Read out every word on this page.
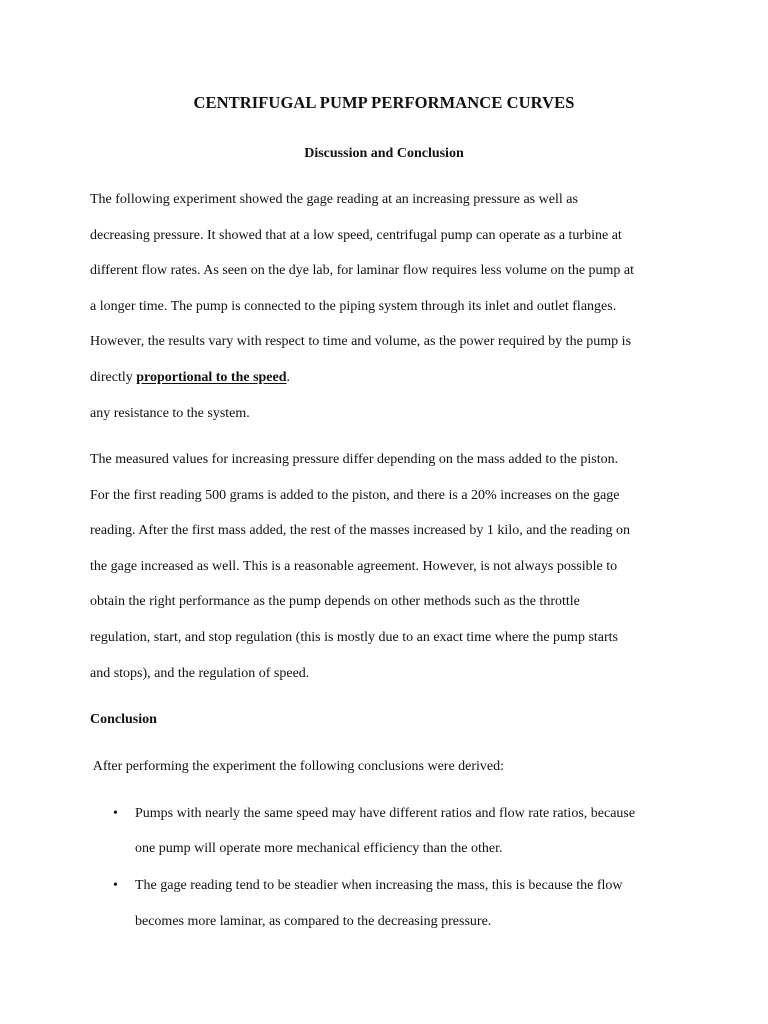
CENTRIFUGAL PUMP PERFORMANCE CURVES
Discussion and Conclusion

The following experiment showed the gage reading at an increasing pressure as well as

decreasing pressure. It showed that at a low speed, centrifugal pump can operate as a turbine at

different flow rates. As seen on the dye lab, for laminar flow requires less volume on the pump at

a longer time. The pump is connected to the piping system through its inlet and outlet flanges.

However, the results vary with respect to time and volume, as the power required by the pump is

directly proportional to the speed.

any resistance to the system.

The measured values for increasing pressure differ depending on the mass added to the piston.

For the first reading 500 grams is added to the piston, and there is a 20% increases on the gage

reading. After the first mass added, the rest of the masses increased by 1 kilo, and the reading on

the gage increased as well. This is a reasonable agreement. However, is not always possible to

obtain the right performance as the pump depends on other methods such as the throttle

regulation, start, and stop regulation (this is mostly due to an exact time where the pump starts

and stops), and the regulation of speed.

Conclusion

After performing the experiment the following conclusions were derived:

• Pumps with nearly the same speed may have different ratios and flow rate ratios, because

one pump will operate more mechanical efficiency than the other.

• The gage reading tend to be steadier when increasing the mass, this is because the flow

becomes more laminar, as compared to the decreasing pressure.
